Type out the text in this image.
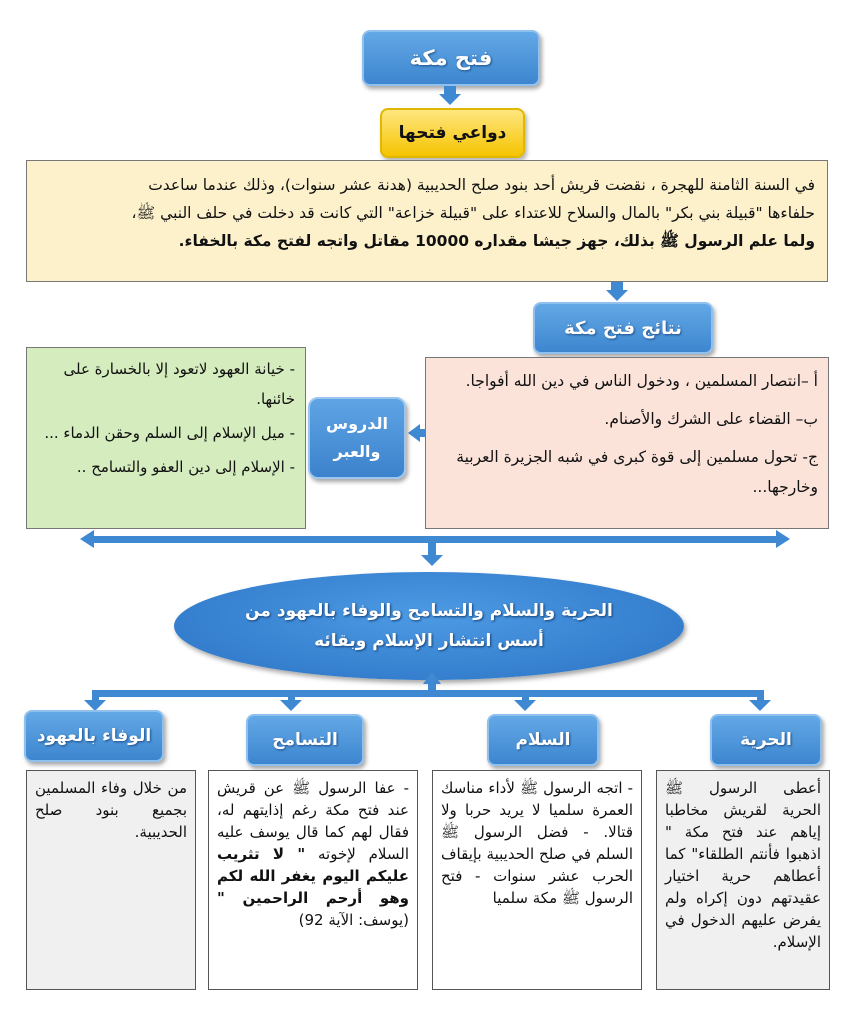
فتح مكة
دواعي فتحها
في السنة الثامنة للهجرة ، نقضت قريش أحد بنود صلح الحديبية (هدنة عشر سنوات)، وذلك عندما ساعدت
حلفاءها "قبيلة بني بكر" بالمال والسلاح للاعتداء على "قبيلة خزاعة" التي كانت قد دخلت في حلف النبي ﷺ،
ولما علم الرسول ﷺ بذلك، جهز جيشا مقداره 10000 مقاتل واتجه لفتح مكة بالخفاء.
نتائج فتح مكة
أ –انتصار المسلمين ، ودخول الناس في دين الله أفواجا.
ب– القضاء على الشرك والأصنام.
ج- تحول مسلمين إلى قوة كبرى في شبه الجزيرة العربية وخارجها...
الدروس
والعبر
- خيانة العهود لاتعود إلا بالخسارة على خائنها.
- ميل الإسلام إلى السلم وحقن الدماء ...
- الإسلام إلى دين العفو والتسامح ..
الحرية والسلام والتسامح والوفاء بالعهود من
أسس انتشار الإسلام وبقائه
الحرية
السلام
التسامح
الوفاء بالعهود
أعطى الرسول ﷺ الحرية لقريش مخاطبا إياهم عند فتح مكة " اذهبوا فأنتم الطلقاء" كما أعطاهم حرية اختيار عقيدتهم دون إكراه ولم يفرض عليهم الدخول في الإسلام.
- اتجه الرسول ﷺ لأداء مناسك العمرة سلميا لا يريد حربا ولا قتالا. - فضل الرسول ﷺ السلم في صلح الحديبية بإيقاف الحرب عشر سنوات - فتح الرسول ﷺ مكة سلميا
- عفا الرسول ﷺ عن قريش عند فتح مكة رغم إذايتهم له، فقال لهم كما قال يوسف عليه السلام لإخوته " لا تثريب عليكم اليوم يغفر الله لكم وهو أرحم الراحمين " (يوسف: الآية 92)
من خلال وفاء المسلمين بجميع بنود صلح الحديبية.
